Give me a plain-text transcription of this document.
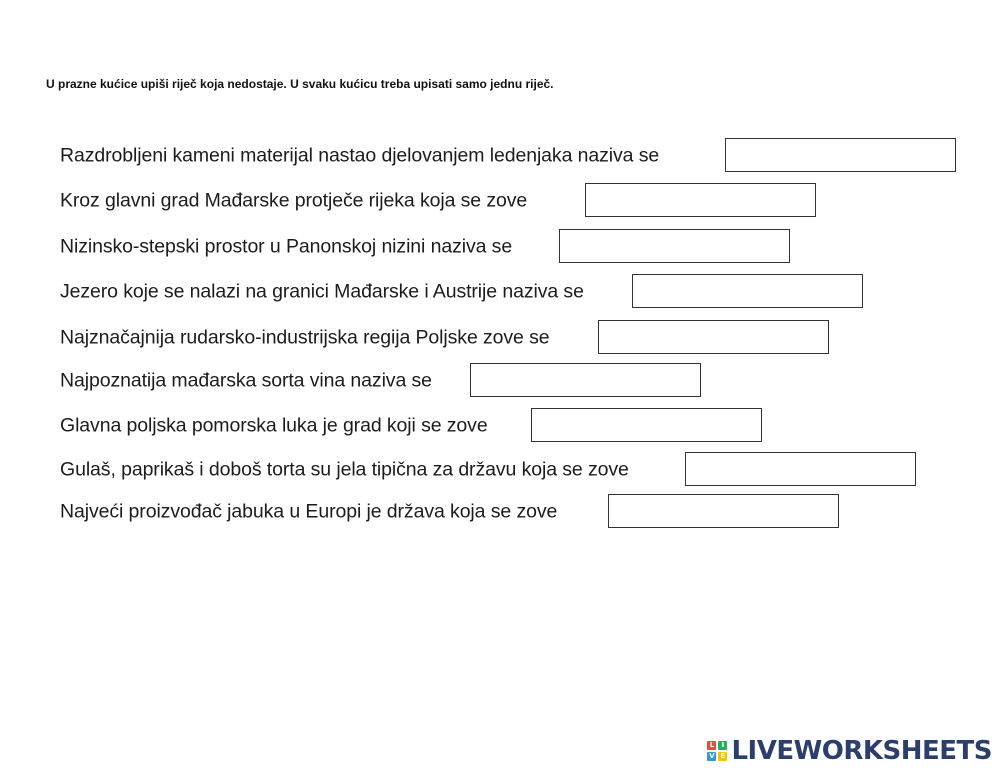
U prazne kućice upiši riječ koja nedostaje. U svaku kućicu treba upisati samo jednu riječ.
Razdrobljeni kameni materijal nastao djelovanjem ledenjaka naziva se
Kroz glavni grad Mađarske protječe rijeka koja se zove
Nizinsko-stepski prostor u Panonskoj nizini naziva se
Jezero koje se nalazi na granici Mađarske i Austrije naziva se
Najznačajnija rudarsko-industrijska regija Poljske zove se
Najpoznatija mađarska sorta vina naziva se
Glavna poljska pomorska luka je grad koji se zove
Gulaš, paprikaš i doboš torta su jela tipična za državu koja se zove
Najveći proizvođač jabuka u Europi je država koja se zove
L	I
V E LIVEWORKSHEETS
